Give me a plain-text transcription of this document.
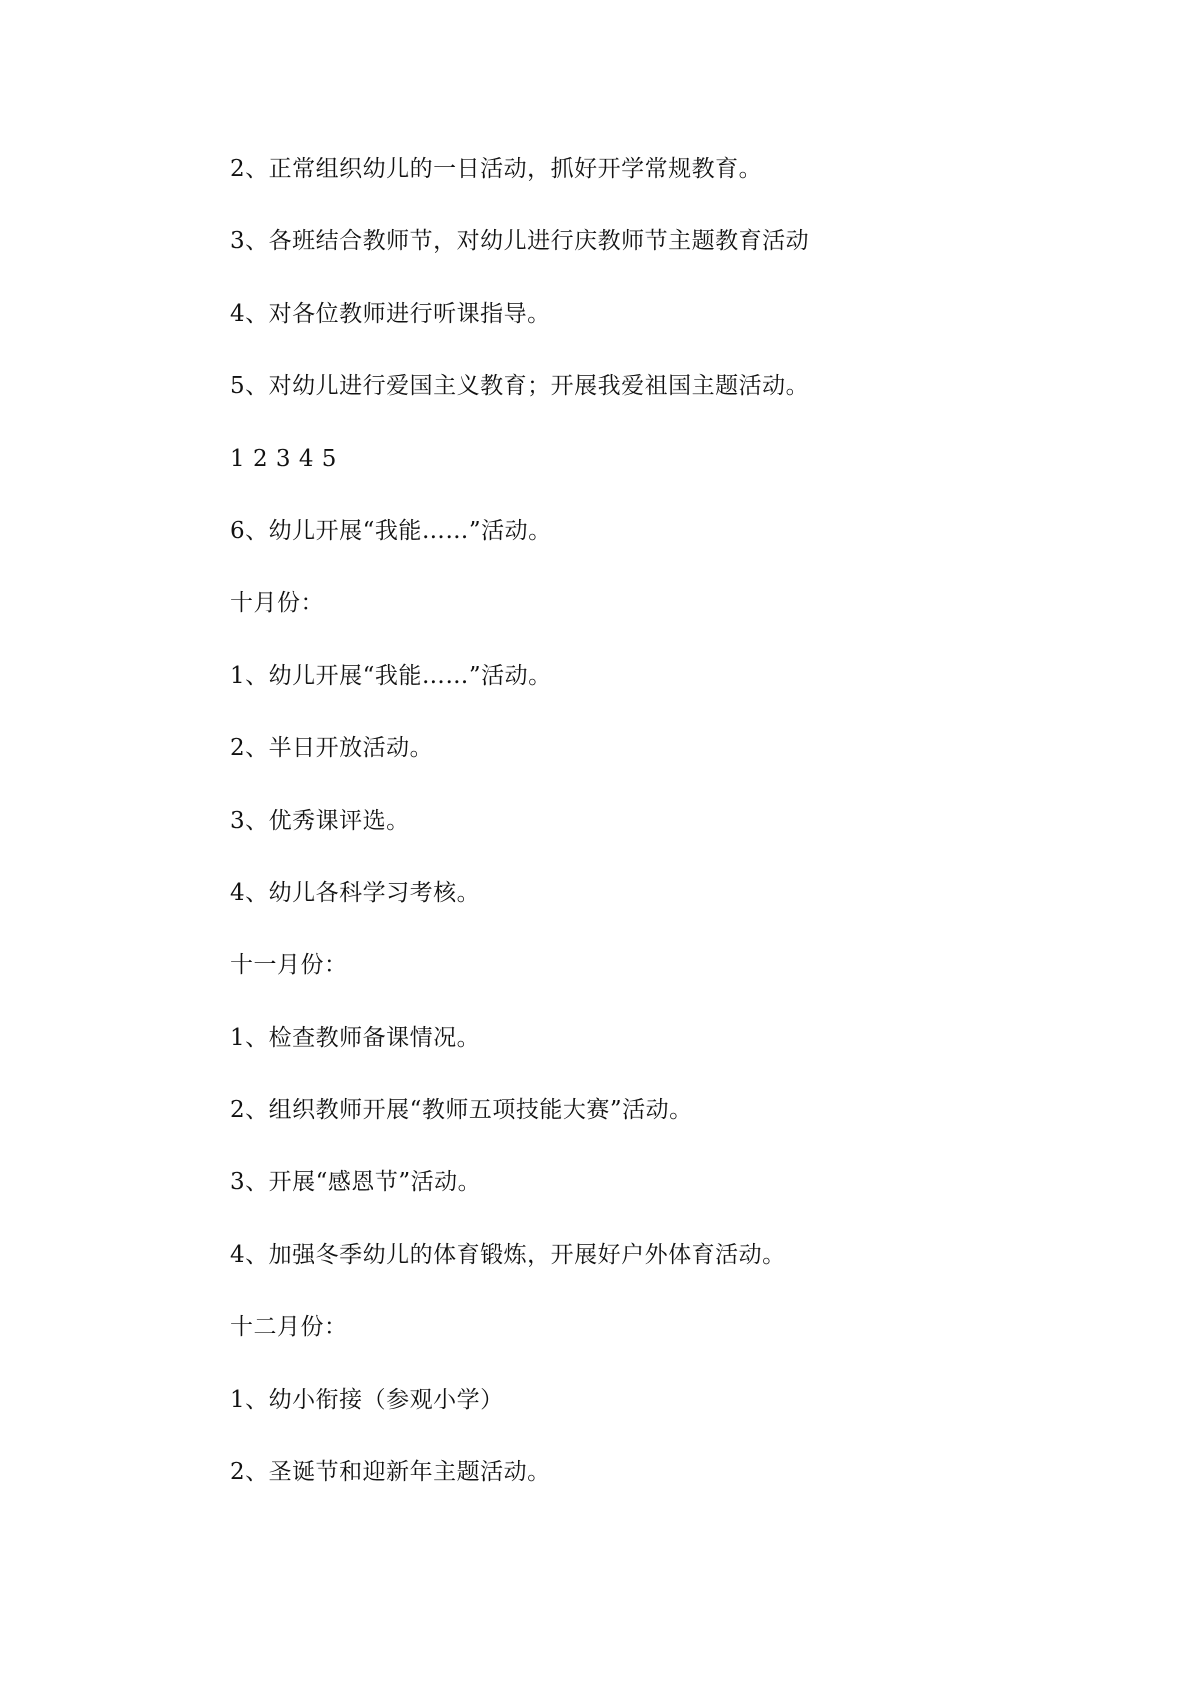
2、正常组织幼儿的一日活动，抓好开学常规教育。
3、各班结合教师节，对幼儿进行庆教师节主题教育活动
4、对各位教师进行听课指导。
5、对幼儿进行爱国主义教育；开展我爱祖国主题活动。
1 2 3 4 5
6、幼儿开展“我能……”活动。
十月份：
1、幼儿开展“我能……”活动。
2、半日开放活动。
3、优秀课评选。
4、幼儿各科学习考核。
十一月份：
1、检查教师备课情况。
2、组织教师开展“教师五项技能大赛”活动。
3、开展“感恩节”活动。
4、加强冬季幼儿的体育锻炼，开展好户外体育活动。
十二月份：
1、幼小衔接（参观小学）
2、圣诞节和迎新年主题活动。
